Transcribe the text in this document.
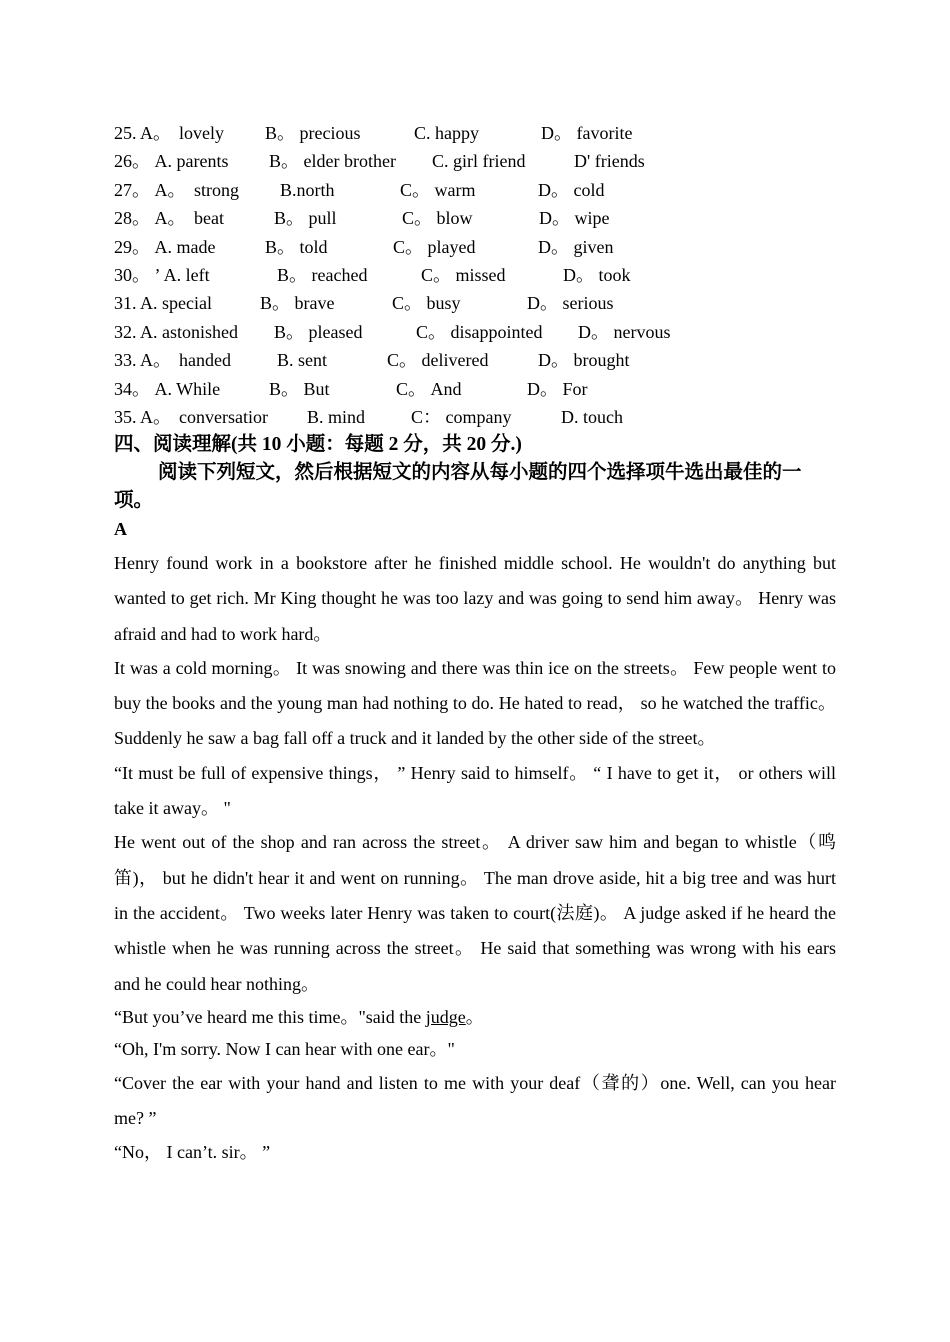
25. A。 lovely B。 precious	C. happy	D。 favorite
26。 A. parents B。 elder brother C. girl friend	D' friends
27。 A。 strong B.north	C。 warm	D。 cold
28。 A。 beat	B。 pull	C。 blow	D。 wipe
29。 A. made	B。 told	C。 played	D。 given
30。 ’ A. left	B。 reached	C。 missed	D。 took
31. A. special	B。 brave	C。 busy	D。 serious
32. A. astonished B。 pleased	C。 disappointed D。 nervous
33. A。 handed	B. sent	C。 delivered	D。 brought
34。 A. While	B。 But	C。 And	D。 For
35. A。 conversatior B. mind	C： company	D. touch
四、阅读理解(共 10 小题：每题 2 分，共 20 分.)
阅读下列短文，然后根据短文的内容从每小题的四个选择项牛选出最佳的一项。
A

Henry found work in a bookstore after he finished middle school. He wouldn't do anything but wanted to get rich. Mr King thought he was too lazy and was going to send him away。 Henry was afraid and had to work hard。

It was a cold morning。 It was snowing and there was thin ice on the streets。 Few people went to buy the books and the young man had nothing to do. He hated to read， so he watched the traffic。 Suddenly he saw a bag fall off a truck and it landed by the other side of the street。

“It must be full of expensive things， ” Henry said to himself。 “ I have to get it， or others will take it away。 "

He went out of the shop and ran across the street。 A driver saw him and began to whistle（鸣笛)， but he didn't hear it and went on running。 The man drove aside, hit a big tree and was hurt in the accident。 Two weeks later Henry was taken to court(法庭)。 A judge asked if he heard the whistle when he was running across the street。 He said that something was wrong with his ears and he could hear nothing。

“But you’ve heard me this time。"said the judge。

“Oh, I'm sorry. Now I can hear with one ear。"

“Cover the ear with your hand and listen to me with your deaf（聋的）one. Well, can you hear me? ”

“No， I can’t. sir。 ”
